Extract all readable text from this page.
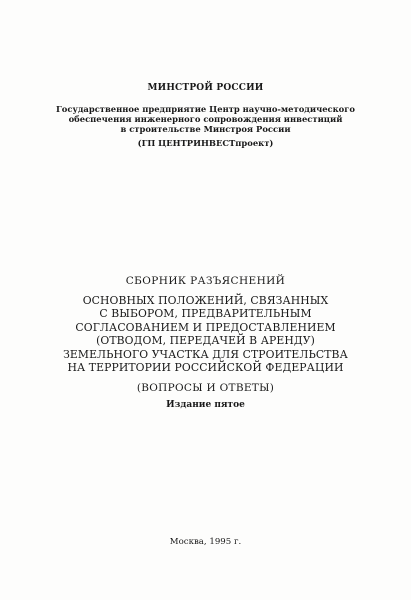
МИНСТРОЙ РОССИИ
Государственное предприятие Центр научно-методического
обеспечения инженерного сопровождения инвестиций
в строительстве Минстроя России
(ГП ЦЕНТРИНВЕСТпроект)
СБОРНИК РАЗЪЯСНЕНИЙ
ОСНОВНЫХ ПОЛОЖЕНИЙ, СВЯЗАННЫХ
С ВЫБОРОМ, ПРЕДВАРИТЕЛЬНЫМ
СОГЛАСОВАНИЕМ И ПРЕДОСТАВЛЕНИЕМ
(ОТВОДОМ, ПЕРЕДАЧЕЙ В АРЕНДУ)
ЗЕМЕЛЬНОГО УЧАСТКА ДЛЯ СТРОИТЕЛЬСТВА
НА ТЕРРИТОРИИ РОССИЙСКОЙ ФЕДЕРАЦИИ
(ВОПРОСЫ И ОТВЕТЫ)
Издание пятое
Москва, 1995 г.
